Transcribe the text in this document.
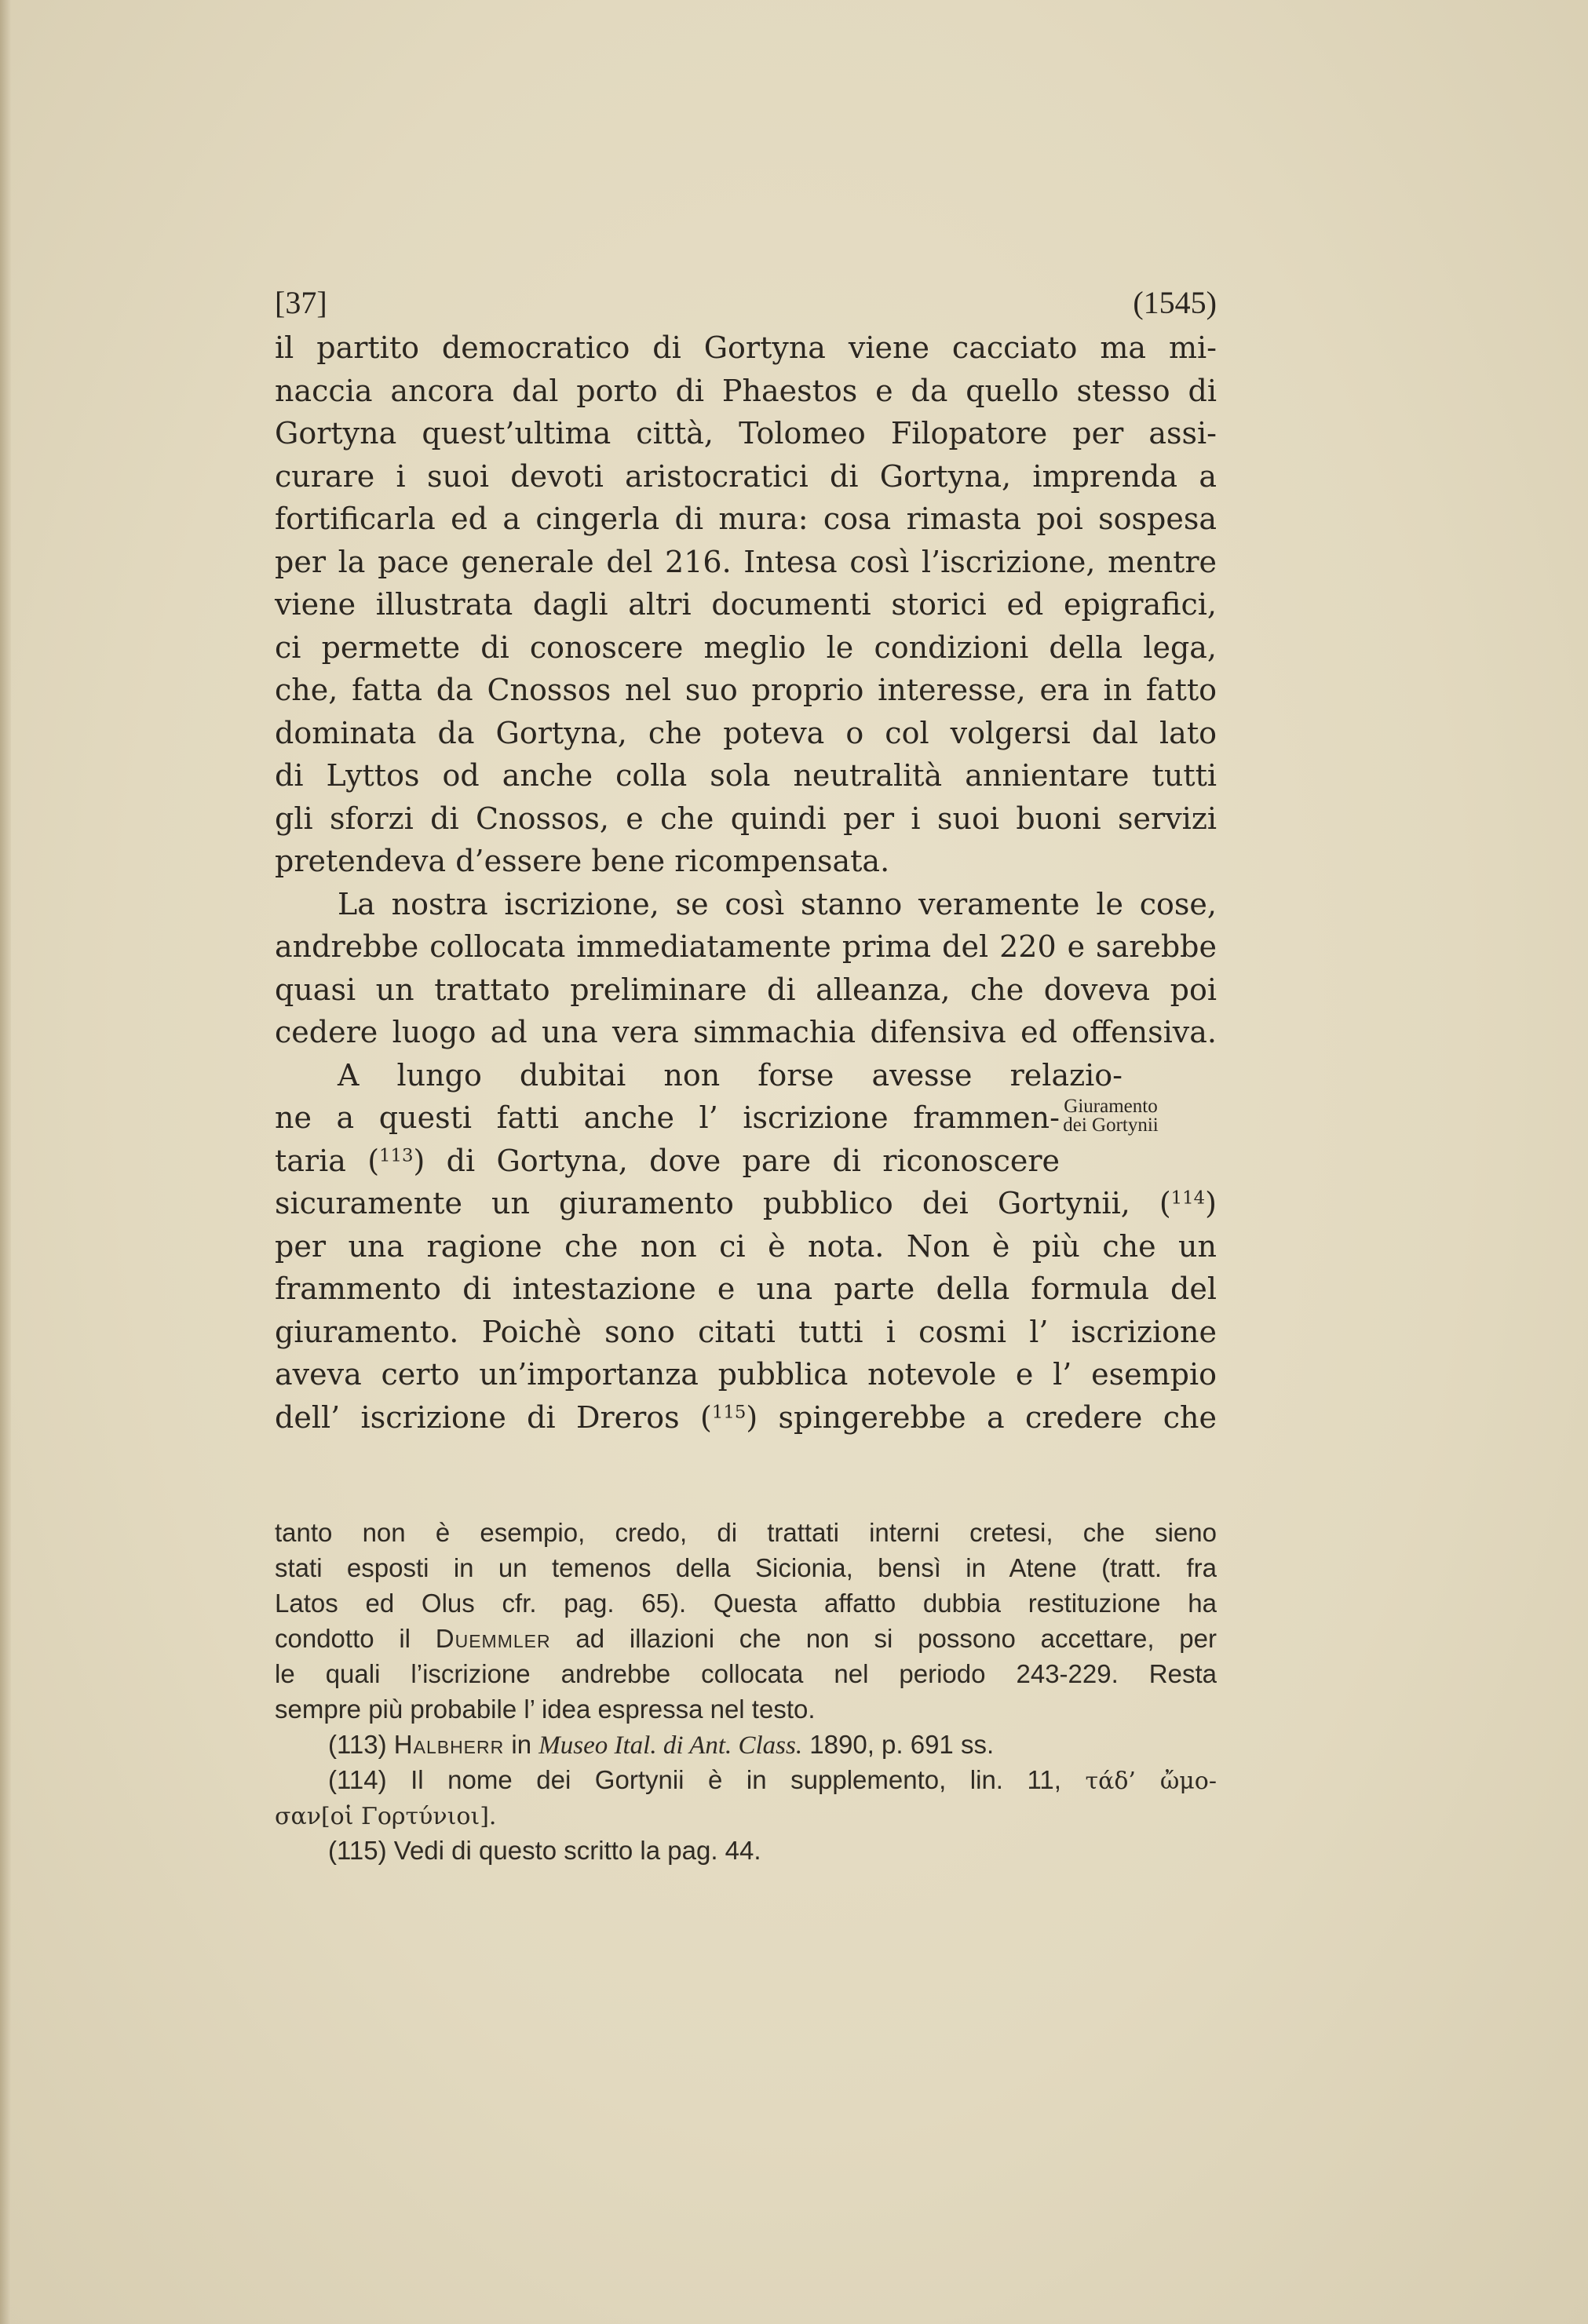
[37]	(1545)
il partito democratico di Gortyna viene cacciato ma mi-
naccia ancora dal porto di Phaestos e da quello stesso di
Gortyna quest’ultima città, Tolomeo Filopatore per assi-
curare i suoi devoti aristocratici di Gortyna, imprenda a
fortificarla ed a cingerla di mura: cosa rimasta poi sospesa
per la pace generale del 216. Intesa così l’iscrizione, mentre
viene illustrata dagli altri documenti storici ed epigrafici,
ci permette di conoscere meglio le condizioni della lega,
che, fatta da Cnossos nel suo proprio interesse, era in fatto
dominata da Gortyna, che poteva o col volgersi dal lato
di Lyttos od anche colla sola neutralità annientare tutti
gli sforzi di Cnossos, e che quindi per i suoi buoni servizi
pretendeva d’essere bene ricompensata.
La nostra iscrizione, se così stanno veramente le cose,
andrebbe collocata immediatamente prima del 220 e sarebbe
quasi un trattato preliminare di alleanza, che doveva poi
cedere luogo ad una vera simmachia difensiva ed offensiva.
A lungo dubitai non forse avesse relazio-
ne a questi fatti anche l’ iscrizione frammen-
taria ($^{113}$) di Gortyna, dove pare di riconoscere
sicuramente un giuramento pubblico dei Gortynii, ($^{114}$)
per una ragione che non ci è nota. Non è più che un
frammento di intestazione e una parte della formula del
giuramento. Poichè sono citati tutti i cosmi l’ iscrizione
aveva certo un’importanza pubblica notevole e l’ esempio
dell’ iscrizione di Dreros ($^{115}$) spingerebbe a credere che
Giuramento
dei Gortynii
tanto non è esempio, credo, di trattati interni cretesi, che sieno
stati esposti in un temenos della Sicionia, bensì in Atene (tratt. fra
Latos ed Olus cfr. pag. 65). Questa affatto dubbia restituzione ha
condotto il Duemmler ad illazioni che non si possono accettare, per
le quali l’iscrizione andrebbe collocata nel periodo 243-229. Resta
sempre più probabile l’ idea espressa nel testo.
(113) Halbherr in Museo Ital. di Ant. Class. 1890, p. 691 ss.
(114) Il nome dei Gortynii è in supplemento, lin. 11, τάδ’ ὤμο-
σαν[οἱ Γορτύνιοι].
(115) Vedi di questo scritto la pag. 44.
